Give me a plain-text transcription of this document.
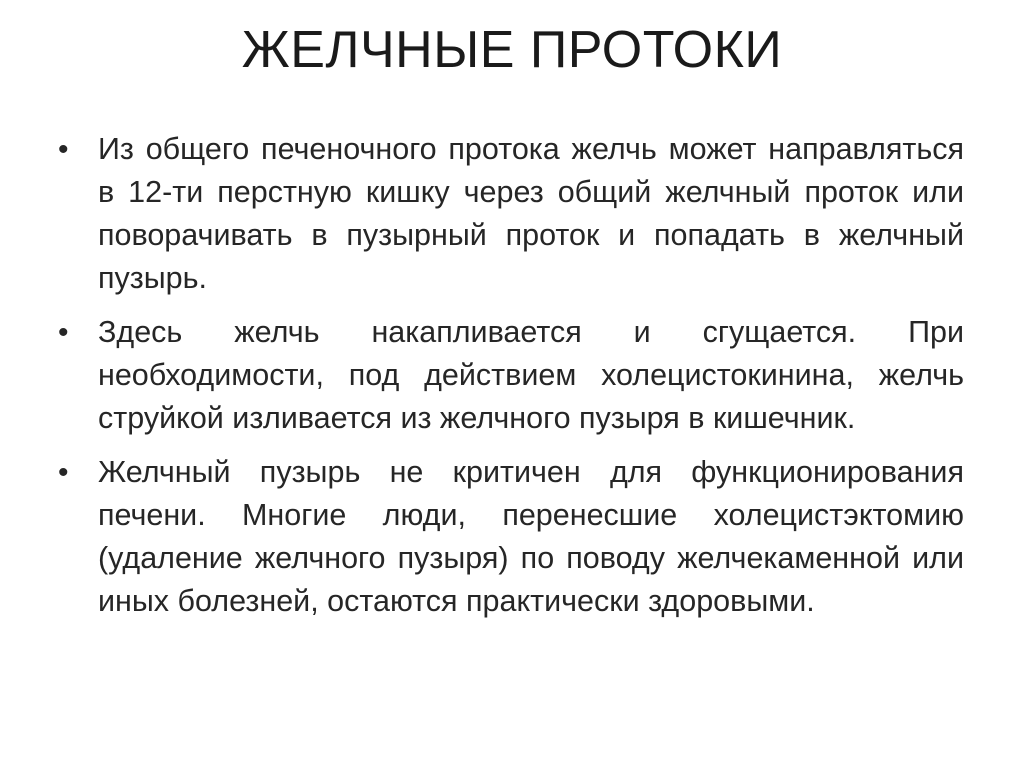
ЖЕЛЧНЫЕ ПРОТОКИ
• Из общего печеночного протока желчь может направляться в 12-ти перстную кишку через общий желчный проток или поворачивать в пузырный проток и попадать в желчный пузырь.
• Здесь желчь накапливается и сгущается. При необходимости, под действием холецистокинина, желчь струйкой изливается из желчного пузыря в кишечник.
• Желчный пузырь не критичен для функционирования печени. Многие люди, перенесшие холецистэктомию (удаление желчного пузыря) по поводу желчекаменной или иных болезней, остаются практически здоровыми.
